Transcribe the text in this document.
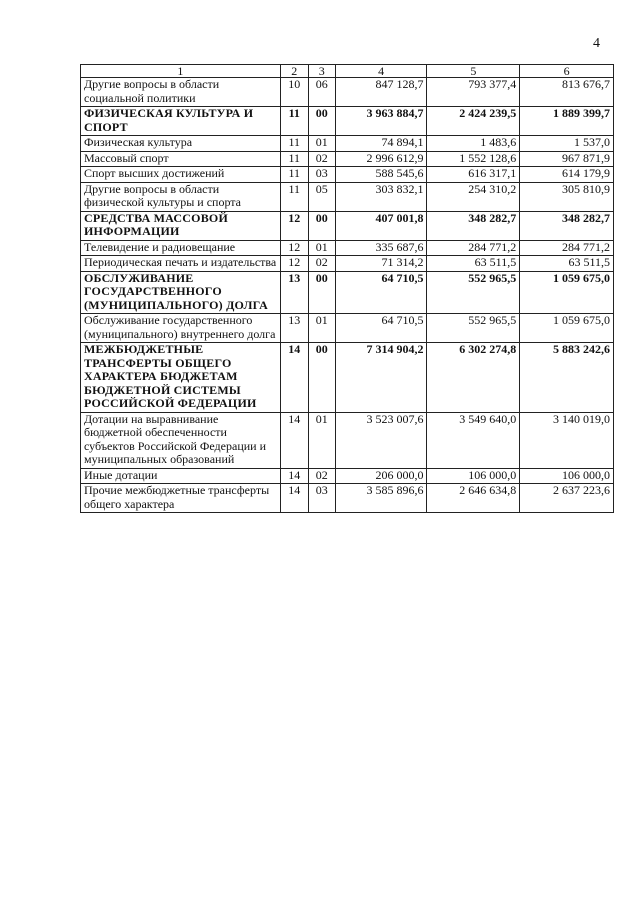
4
1	2	3	4	5	6
Другие вопросы в области социальной политики	10	06	847 128,7	793 377,4	813 676,7
ФИЗИЧЕСКАЯ КУЛЬТУРА И СПОРТ	11	00	3 963 884,7	2 424 239,5	1 889 399,7
Физическая культура	11	01	74 894,1	1 483,6	1 537,0
Массовый спорт	11	02	2 996 612,9	1 552 128,6	967 871,9
Спорт высших достижений	11	03	588 545,6	616 317,1	614 179,9
Другие вопросы в области физической культуры и спорта	11	05	303 832,1	254 310,2	305 810,9
СРЕДСТВА МАССОВОЙ ИНФОРМАЦИИ	12	00	407 001,8	348 282,7	348 282,7
Телевидение и радиовещание	12	01	335 687,6	284 771,2	284 771,2
Периодическая печать и издательства	12	02	71 314,2	63 511,5	63 511,5
ОБСЛУЖИВАНИЕ ГОСУДАРСТВЕННОГО (МУНИЦИПАЛЬНОГО) ДОЛГА	13	00	64 710,5	552 965,5	1 059 675,0
Обслуживание государственного (муниципального) внутреннего долга	13	01	64 710,5	552 965,5	1 059 675,0
МЕЖБЮДЖЕТНЫЕ ТРАНСФЕРТЫ ОБЩЕГО ХАРАКТЕРА БЮДЖЕТАМ БЮДЖЕТНОЙ СИСТЕМЫ РОССИЙСКОЙ ФЕДЕРАЦИИ	14	00	7 314 904,2	6 302 274,8	5 883 242,6
Дотации на выравнивание бюджетной обеспеченности субъектов Российской Федерации и муниципальных образований	14	01	3 523 007,6	3 549 640,0	3 140 019,0
Иные дотации	14	02	206 000,0	106 000,0	106 000,0
Прочие межбюджетные трансферты общего характера	14	03	3 585 896,6	2 646 634,8	2 637 223,6
